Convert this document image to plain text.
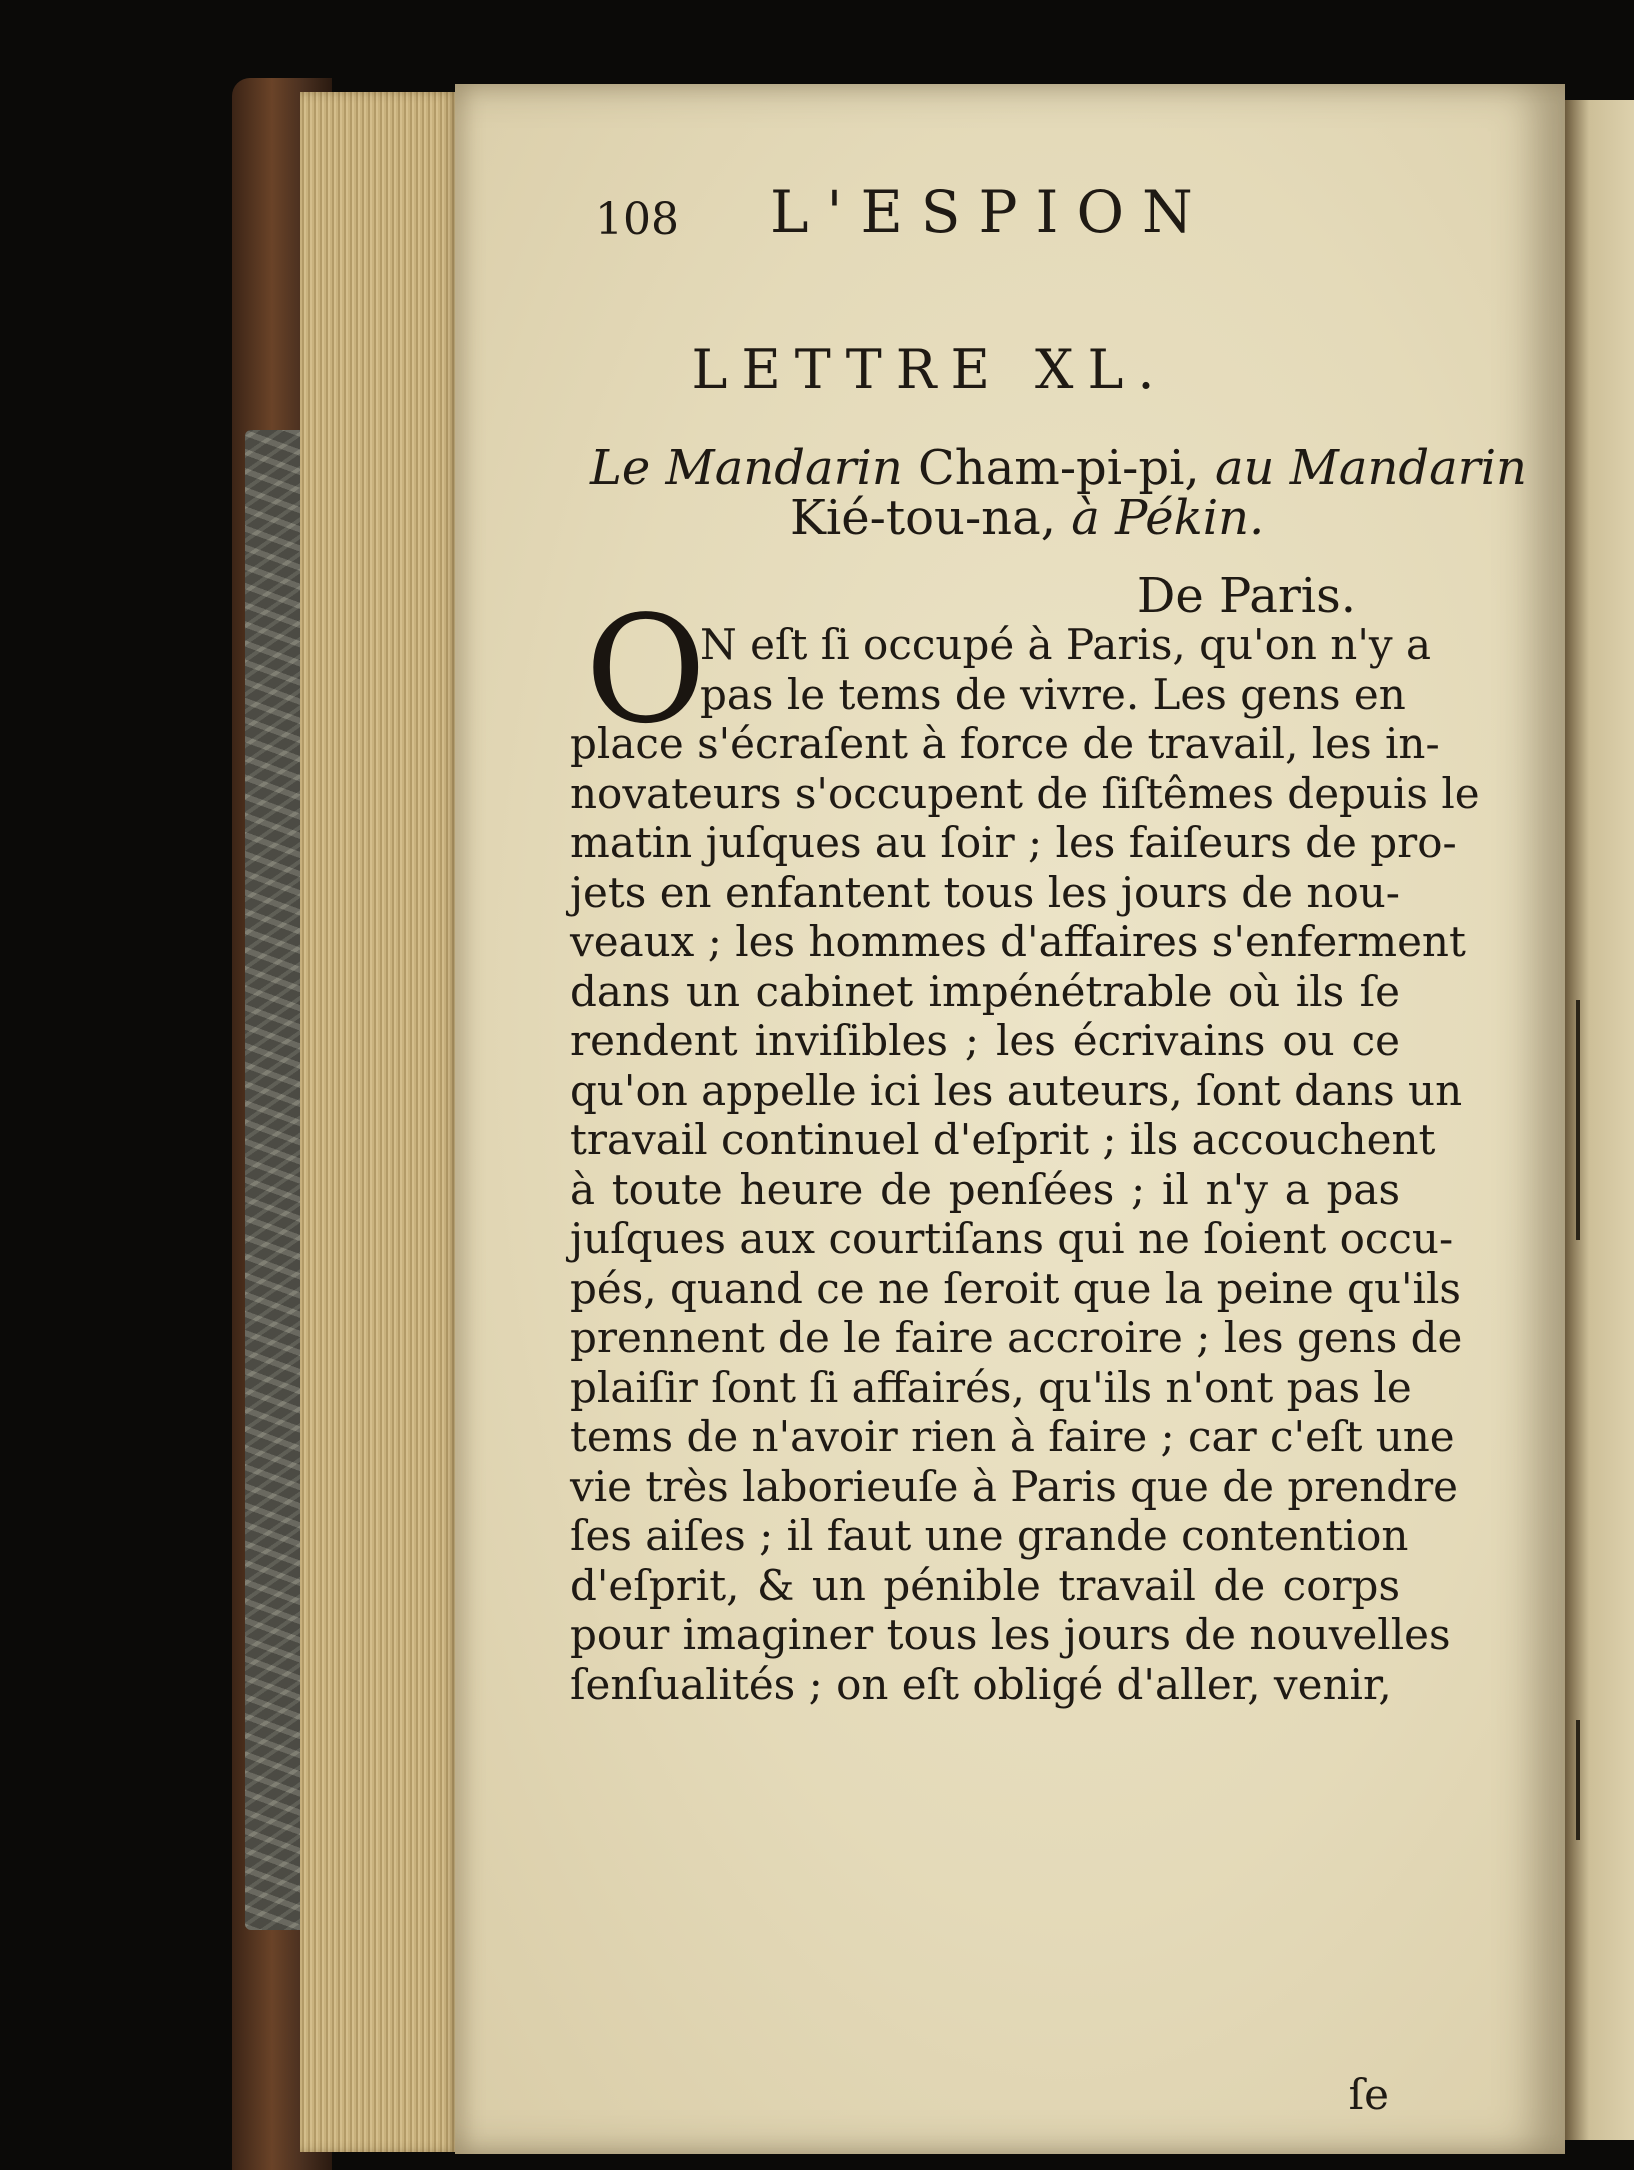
108 L'ESPION
LETTRE XL.
Le Mandarin Cham-pi-pi, au Mandarin
Kié-tou-na, à Pékin.
De Paris.
O
N eſt ſi occupé à Paris, qu'on n'y a
pas le tems de vivre. Les gens en
place s'écraſent à force de travail, les in-
novateurs s'occupent de ſiſtêmes depuis le
matin juſques au ſoir ; les faiſeurs de pro-
jets en enfantent tous les jours de nou-
veaux ; les hommes d'affaires s'enferment
dans un cabinet impénétrable où ils ſe
rendent inviſibles ; les écrivains ou ce
qu'on appelle ici les auteurs, ſont dans un
travail continuel d'eſprit ; ils accouchent
à toute heure de penſées ; il n'y a pas
juſques aux courtiſans qui ne ſoient occu-
pés, quand ce ne ſeroit que la peine qu'ils
prennent de le faire accroire ; les gens de
plaiſir ſont ſi affairés, qu'ils n'ont pas le
tems de n'avoir rien à faire ; car c'eſt une
vie très laborieuſe à Paris que de prendre
ſes aiſes ; il faut une grande contention
d'eſprit, & un pénible travail de corps
pour imaginer tous les jours de nouvelles
ſenſualités ; on eſt obligé d'aller, venir,
ſe
